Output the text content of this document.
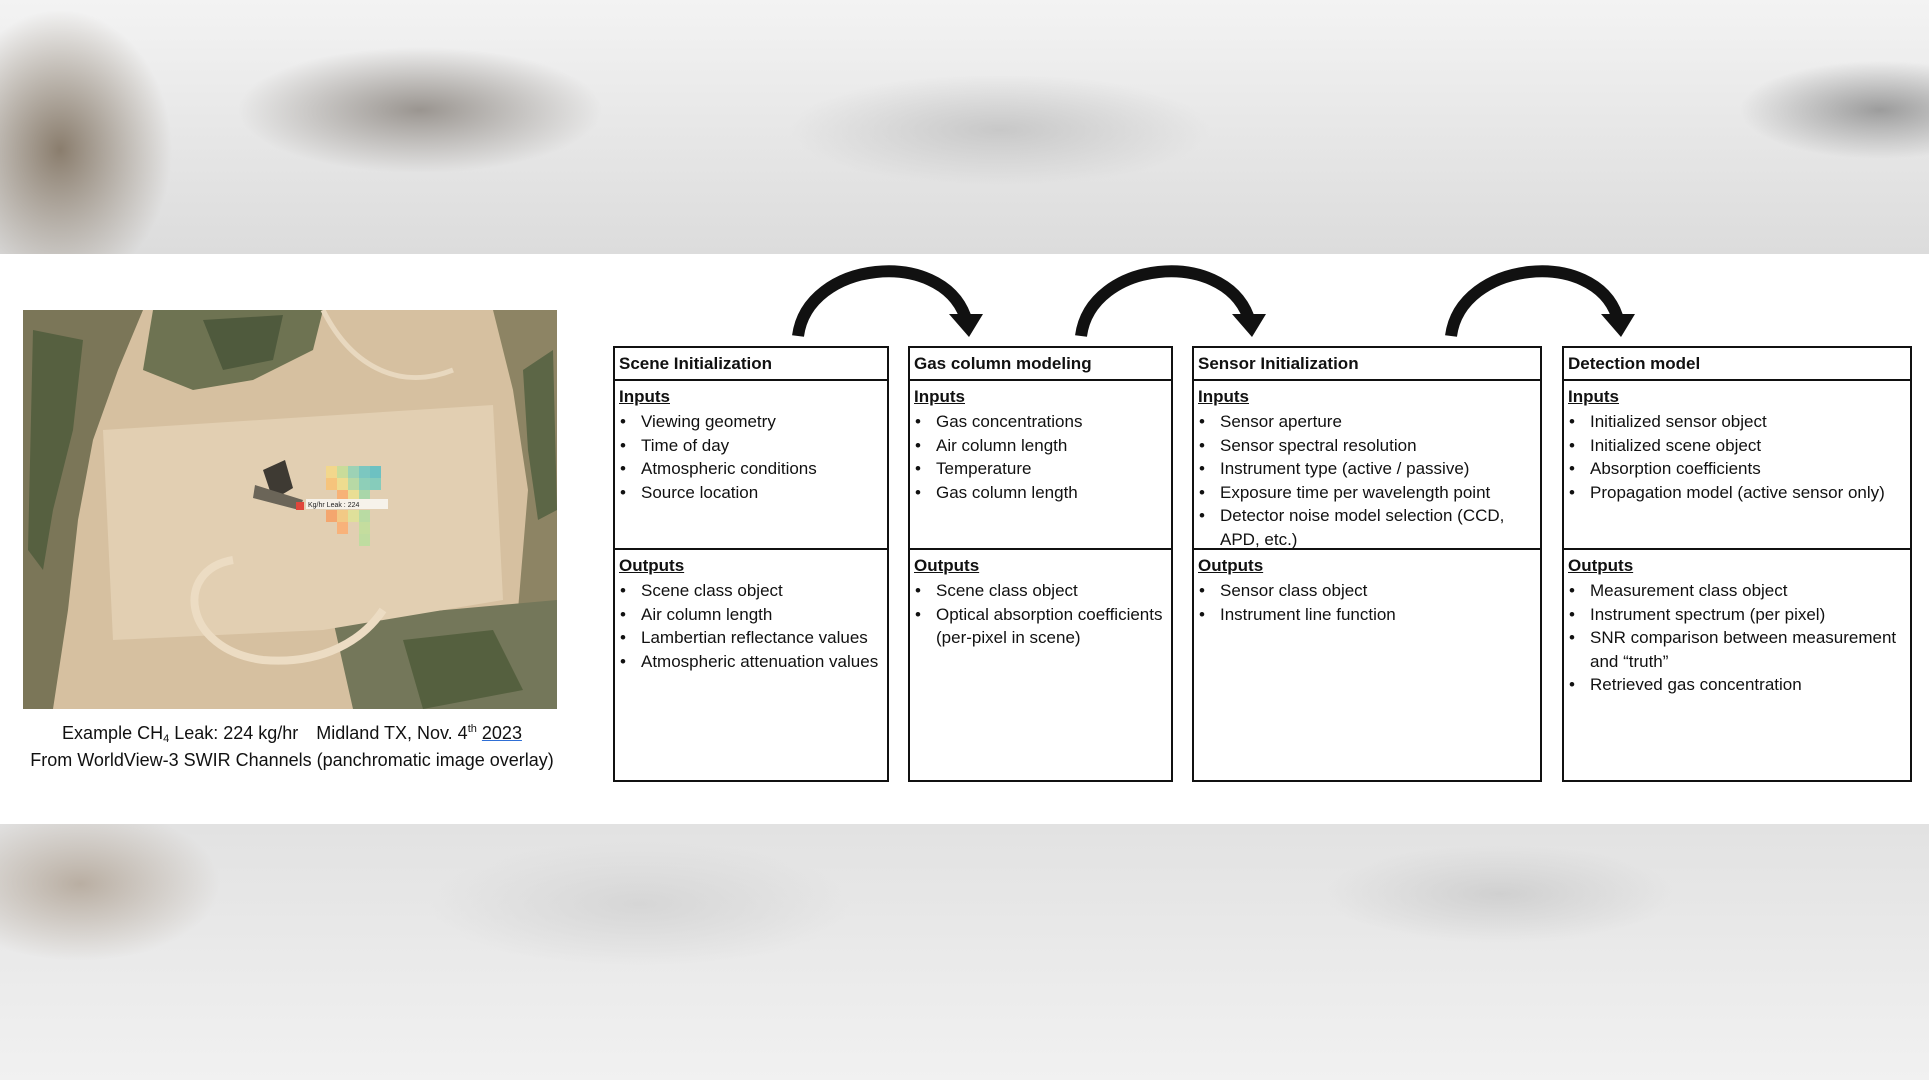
Kg/hr Leak : 224
Example $CH_4$ Leak: 224 kg/hr Midland TX, Nov. 4th 2023
From WorldView-3 SWIR Channels (panchromatic image overlay)
Scene Initialization
Inputs
• Viewing geometry
• Time of day
• Atmospheric conditions
• Source location
Outputs
• Scene class object
• Air column length
• Lambertian reflectance values
• Atmospheric attenuation values
Gas column modeling
Inputs
• Gas concentrations
• Air column length
• Temperature
• Gas column length
Outputs
• Scene class object
• Optical absorption coefficients (per-pixel in scene)
Sensor Initialization
Inputs
• Sensor aperture
• Sensor spectral resolution
• Instrument type (active / passive)
• Exposure time per wavelength point
• Detector noise model selection (CCD, APD, etc.)
Outputs
• Sensor class object
• Instrument line function
Detection model
Inputs
• Initialized sensor object
• Initialized scene object
• Absorption coefficients
• Propagation model (active sensor only)
Outputs
• Measurement class object
• Instrument spectrum (per pixel)
• SNR comparison between measurement and “truth”
• Retrieved gas concentration
